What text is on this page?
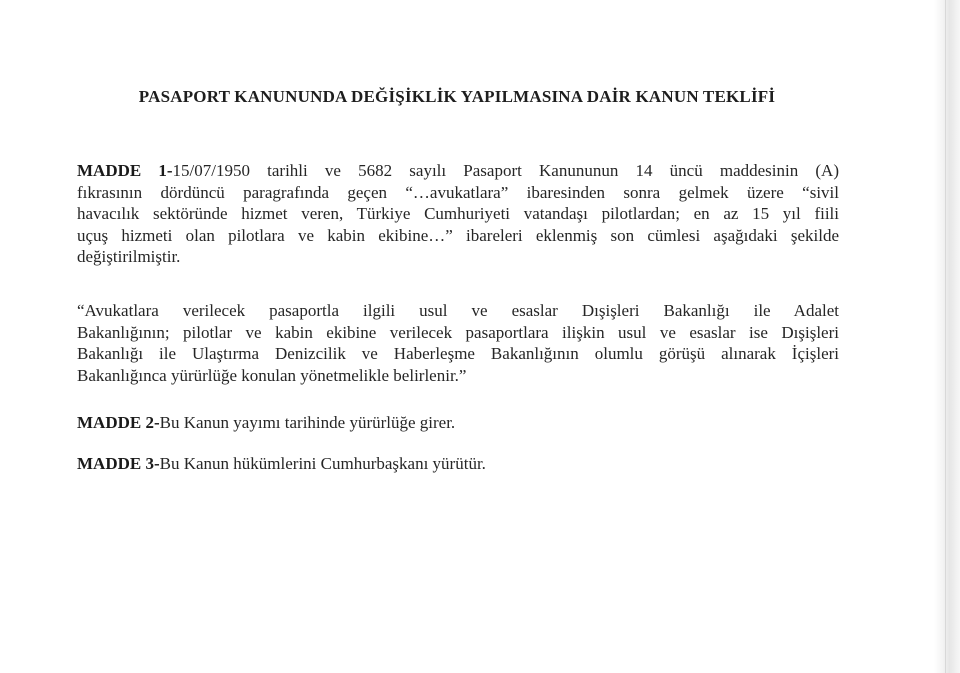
PASAPORT KANUNUNDA DEĞİŞİKLİK YAPILMASINA DAİR KANUN TEKLİFİ
MADDE 1-15/07/1950 tarihli ve 5682 sayılı Pasaport Kanununun 14 üncü maddesinin (A)
fıkrasının dördüncü paragrafında geçen “…avukatlara” ibaresinden sonra gelmek üzere “sivil
havacılık sektöründe hizmet veren, Türkiye Cumhuriyeti vatandaşı pilotlardan; en az 15 yıl fiili
uçuş hizmeti olan pilotlara ve kabin ekibine…” ibareleri eklenmiş son cümlesi aşağıdaki şekilde
değiştirilmiştir.
“Avukatlara verilecek pasaportla ilgili usul ve esaslar Dışişleri Bakanlığı ile Adalet
Bakanlığının; pilotlar ve kabin ekibine verilecek pasaportlara ilişkin usul ve esaslar ise Dışişleri
Bakanlığı ile Ulaştırma Denizcilik ve Haberleşme Bakanlığının olumlu görüşü alınarak İçişleri
Bakanlığınca yürürlüğe konulan yönetmelikle belirlenir.”
MADDE 2-Bu Kanun yayımı tarihinde yürürlüğe girer.
MADDE 3-Bu Kanun hükümlerini Cumhurbaşkanı yürütür.
